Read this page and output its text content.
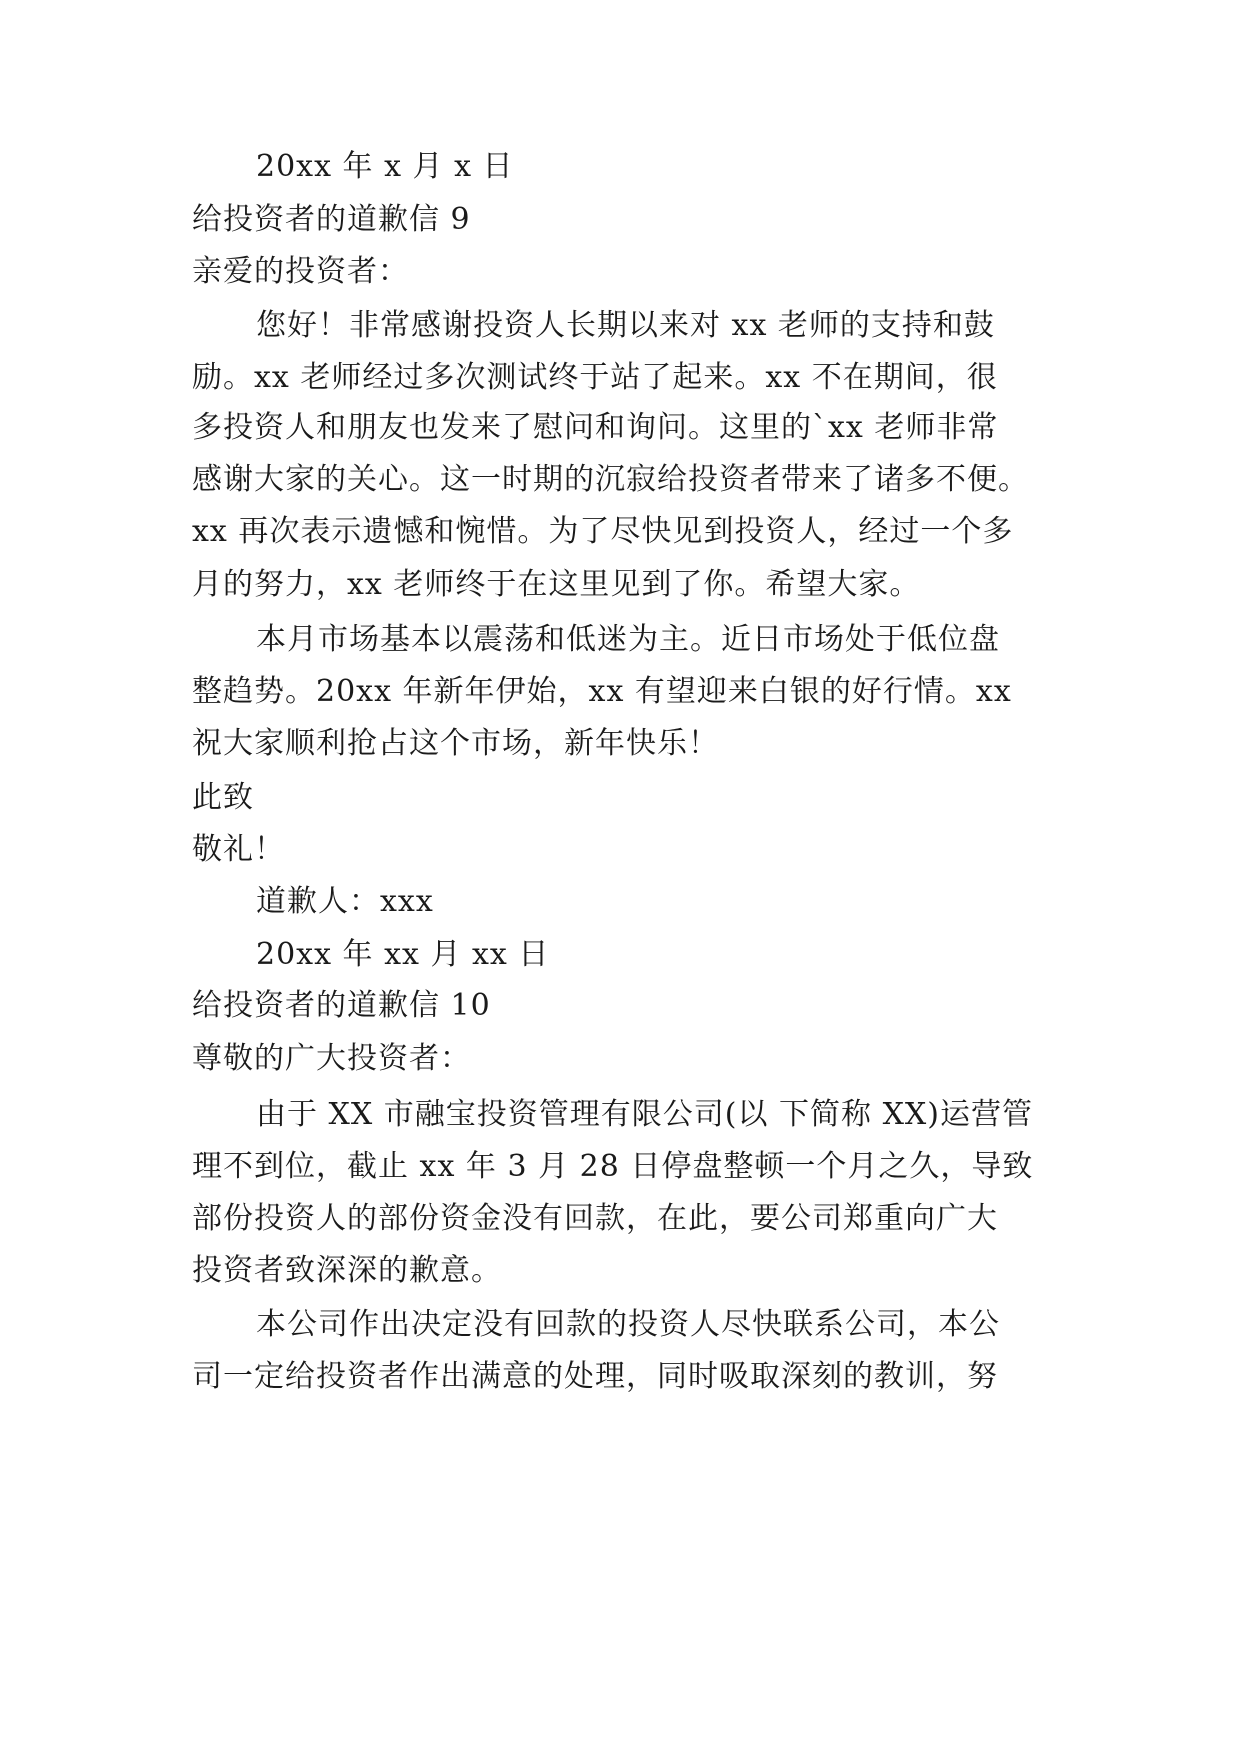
20xx 年 x 月 x 日
给投资者的道歉信 9
亲爱的投资者：
您好！非常感谢投资人长期以来对 xx 老师的支持和鼓
励。xx 老师经过多次测试终于站了起来。xx 不在期间，很
多投资人和朋友也发来了慰问和询问。这里的`xx 老师非常
感谢大家的关心。这一时期的沉寂给投资者带来了诸多不便。
xx 再次表示遗憾和惋惜。为了尽快见到投资人，经过一个多
月的努力，xx 老师终于在这里见到了你。希望大家。
本月市场基本以震荡和低迷为主。近日市场处于低位盘
整趋势。20xx 年新年伊始，xx 有望迎来白银的好行情。xx
祝大家顺利抢占这个市场，新年快乐！
此致
敬礼！
道歉人：xxx
20xx 年 xx 月 xx 日
给投资者的道歉信 10
尊敬的广大投资者：
由于 XX 市融宝投资管理有限公司(以 下简称 XX)运营管
理不到位，截止 xx 年 3 月 28 日停盘整顿一个月之久，导致
部份投资人的部份资金没有回款，在此，要公司郑重向广大
投资者致深深的歉意。
本公司作出决定没有回款的投资人尽快联系公司，本公
司一定给投资者作出满意的处理，同时吸取深刻的教训，努
